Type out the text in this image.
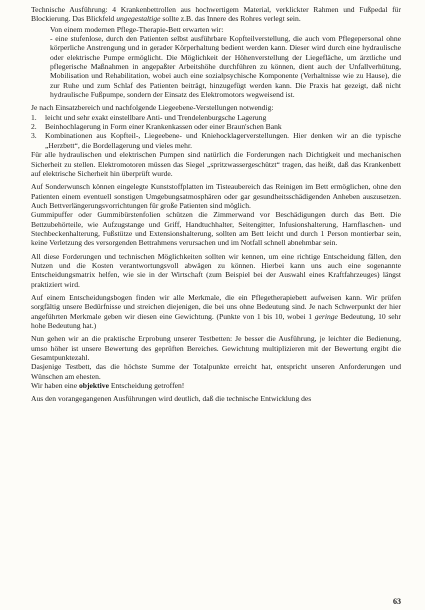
Technische Ausführung: 4 Krankenbettrollen aus hochwertigem Material, verklickter Rahmen und Fußpedal für Blockierung. Das Blickfeld ungegestaltige sollte z.B. das Innere des Rohres verlegt sein.

Von einem modernen Pflege-Therapie-Bett erwarten wir:

- eine stufenlose, durch den Patienten selbst ausführbare Kopfteilverstellung, die auch vom Pflegepersonal ohne körperliche Anstrengung und in gerader Körperhaltung bedient werden kann. Dieser wird durch eine hydraulische oder elektrische Pumpe ermöglicht. Die Möglichkeit der Höhenverstellung der Liegefläche, um ärztliche und pflegerische Maßnahmen in angepaßter Arbeitshöhe durchführen zu können, dient auch der Unfallverhütung, Mobilisation und Rehabilitation, wobei auch eine sozialpsychische Komponente (Verhaltnisse wie zu Hause), die zur Ruhe und zum Schlaf des Patienten beiträgt, hinzugefügt werden kann. Die Praxis hat gezeigt, daß nicht hydraulische Fußpumpe, sondern der Einsatz des Elektromotors wegweisend ist.

Je nach Einsatzbereich und nachfolgende Liegeebene-Verstellungen notwendig:

1.	leicht und sehr exakt einstellbare Anti- und Trendelenburgsche Lagerung
2.	Beinhochlagerung in Form einer Krankenkassen oder einer Braun'schen Bank
3.	Kombinationen aus Kopfteil-, Liegeebene- und Kniehocklagerverstellungen. Hier denken wir an die typische „Herzbett“, die Bordellagerung und vieles mehr.

Für alle hydraulischen und elektrischen Pumpen sind natürlich die Forderungen nach Dichtigkeit und mechanischen Sicherheit zu stellen. Elektromotoren müssen das Siegel „spritzwassergeschützt“ tragen, das heißt, daß das Krankenbett auf elektrische Sicherheit hin überprüft wurde.

Auf Sonderwunsch können eingelegte Kunststoffplatten im Tisteaubereich das Reinigen im Bett ermöglichen, ohne den Patienten einem eventuell sonstigen Umgebungsatmosphären oder gar gesundheitsschädigenden Anheben auszusetzen. Auch Bettverlängerungsvorrichtungen für große Patienten sind möglich.

Gummipuffer oder Gummibürstenfolien schützen die Zimmerwand vor Beschädigungen durch das Bett. Die Bettzubehörteile, wie Aufzugstange und Griff, Handtuchhalter, Seitengitter, Infusionshalterung, Harnflaschen- und Stechbeckenhalterung, Fußstütze und Extensionshalterung, sollten am Bett leicht und durch 1 Person montierbar sein, keine Verletzung des versorgenden Bettrahmens verursachen und im Notfall schnell abnehmbar sein.

All diese Forderungen und technischen Möglichkeiten sollten wir kennen, um eine richtige Entscheidung fällen, den Nutzen und die Kosten verantwortungsvoll abwägen zu können. Hierbei kann uns auch eine sogenannte Entscheidungsmatrix helfen, wie sie in der Wirtschaft (zum Beispiel bei der Auswahl eines Kraftfahrzeuges) längst praktiziert wird.

Auf einem Entscheidungsbogen finden wir alle Merkmale, die ein Pflegetherapiebett aufweisen kann. Wir prüfen sorgfältig unsere Bedürfnisse und streichen diejenigen, die bei uns ohne Bedeutung sind. Je nach Schwerpunkt der hier angeführten Merkmale geben wir diesen eine Gewichtung. (Punkte von 1 bis 10, wobei 1 geringe Bedeutung, 10 sehr hohe Bedeutung hat.)

Nun gehen wir an die praktische Erprobung unserer Testbetten: Je besser die Ausführung, je leichter die Bedienung, umso höher ist unsere Bewertung des geprüften Bereiches. Gewichtung multiplizieren mit der Bewertung ergibt die Gesamtpunktezahl.

Dasjenige Testbett, das die höchste Summe der Totalpunkte erreicht hat, entspricht unseren Anforderungen und Wünschen am ehesten.

Wir haben eine objektive Entscheidung getroffen!

Aus den vorangegangenen Ausführungen wird deutlich, daß die technische Entwicklung des

63
